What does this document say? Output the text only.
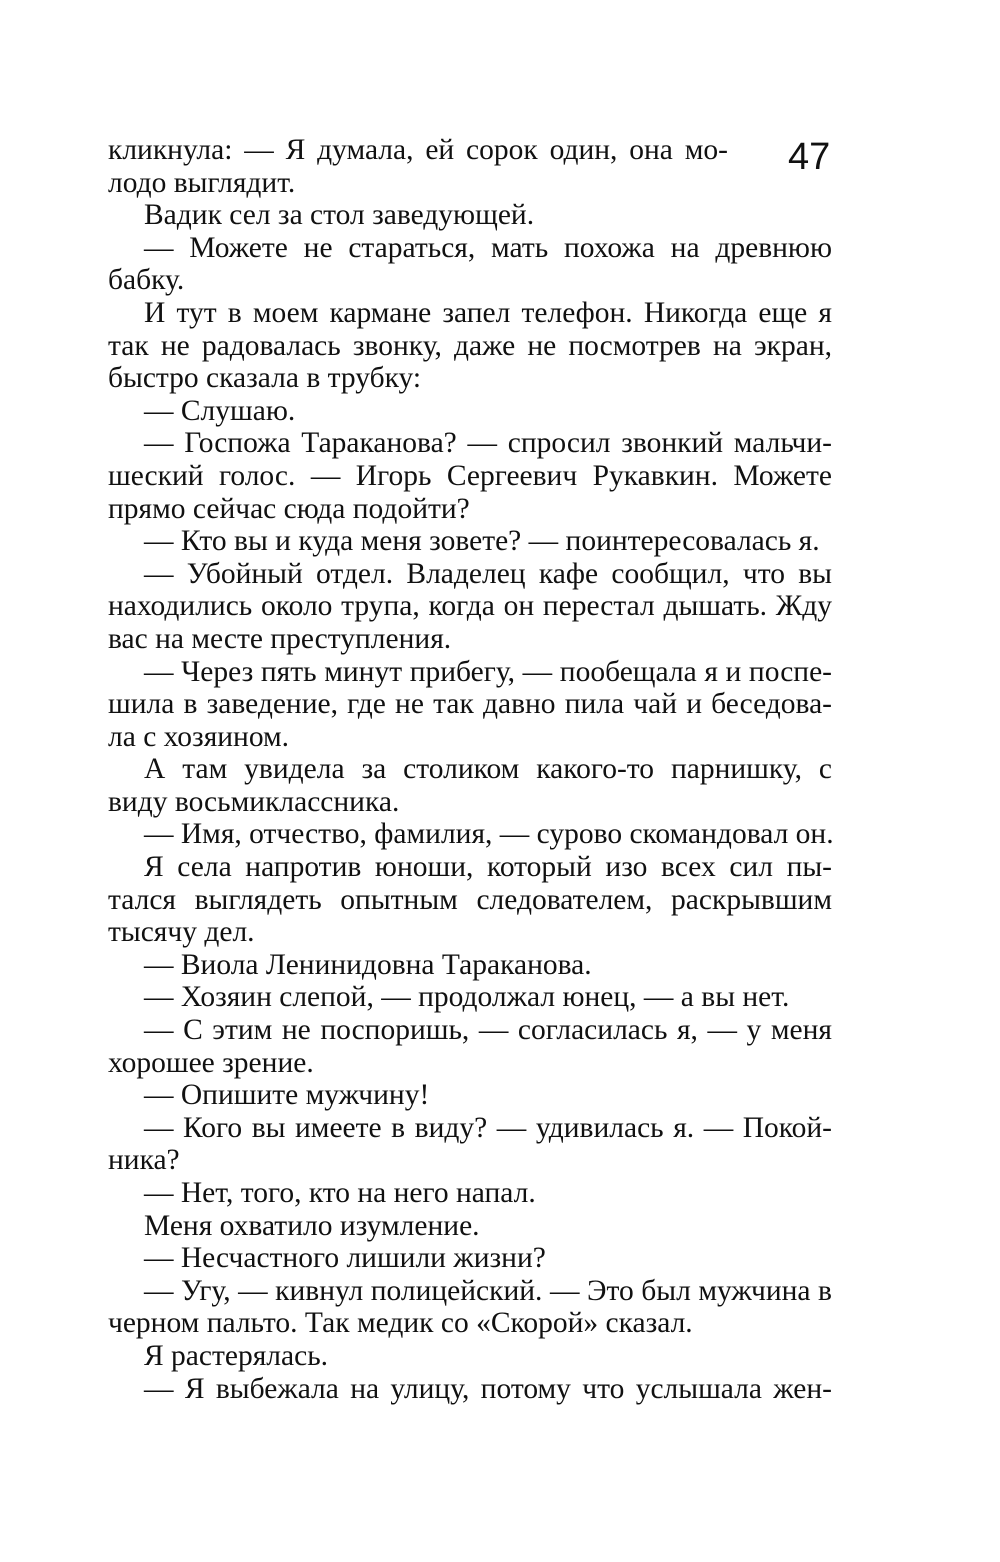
47
кликнула: — Я думала, ей сорок один, она мо-
лодо выглядит.
Вадик сел за стол заведующей.
— Можете не стараться, мать похожа на древнюю
бабку.
И тут в моем кармане запел телефон. Никогда еще я
так не радовалась звонку, даже не посмотрев на экран,
быстро сказала в трубку:
— Слушаю.
— Госпожа Тараканова? — спросил звонкий мальчи-
шеский голос. — Игорь Сергеевич Рукавкин. Можете
прямо сейчас сюда подойти?
— Кто вы и куда меня зовете? — поинтересовалась я.
— Убойный отдел. Владелец кафе сообщил, что вы
находились около трупа, когда он перестал дышать. Жду
вас на месте преступления.
— Через пять минут прибегу, — пообещала я и поспе-
шила в заведение, где не так давно пила чай и беседова-
ла с хозяином.
А там увидела за столиком какого-то парнишку, с
виду восьмиклассника.
— Имя, отчество, фамилия, — сурово скомандовал он.
Я села напротив юноши, который изо всех сил пы-
тался выглядеть опытным следователем, раскрывшим
тысячу дел.
— Виола Ленинидовна Тараканова.
— Хозяин слепой, — продолжал юнец, — а вы нет.
— С этим не поспоришь, — согласилась я, — у меня
хорошее зрение.
— Опишите мужчину!
— Кого вы имеете в виду? — удивилась я. — Покой-
ника?
— Нет, того, кто на него напал.
Меня охватило изумление.
— Несчастного лишили жизни?
— Угу, — кивнул полицейский. — Это был мужчина в
черном пальто. Так медик со «Скорой» сказал.
Я растерялась.
— Я выбежала на улицу, потому что услышала жен-
